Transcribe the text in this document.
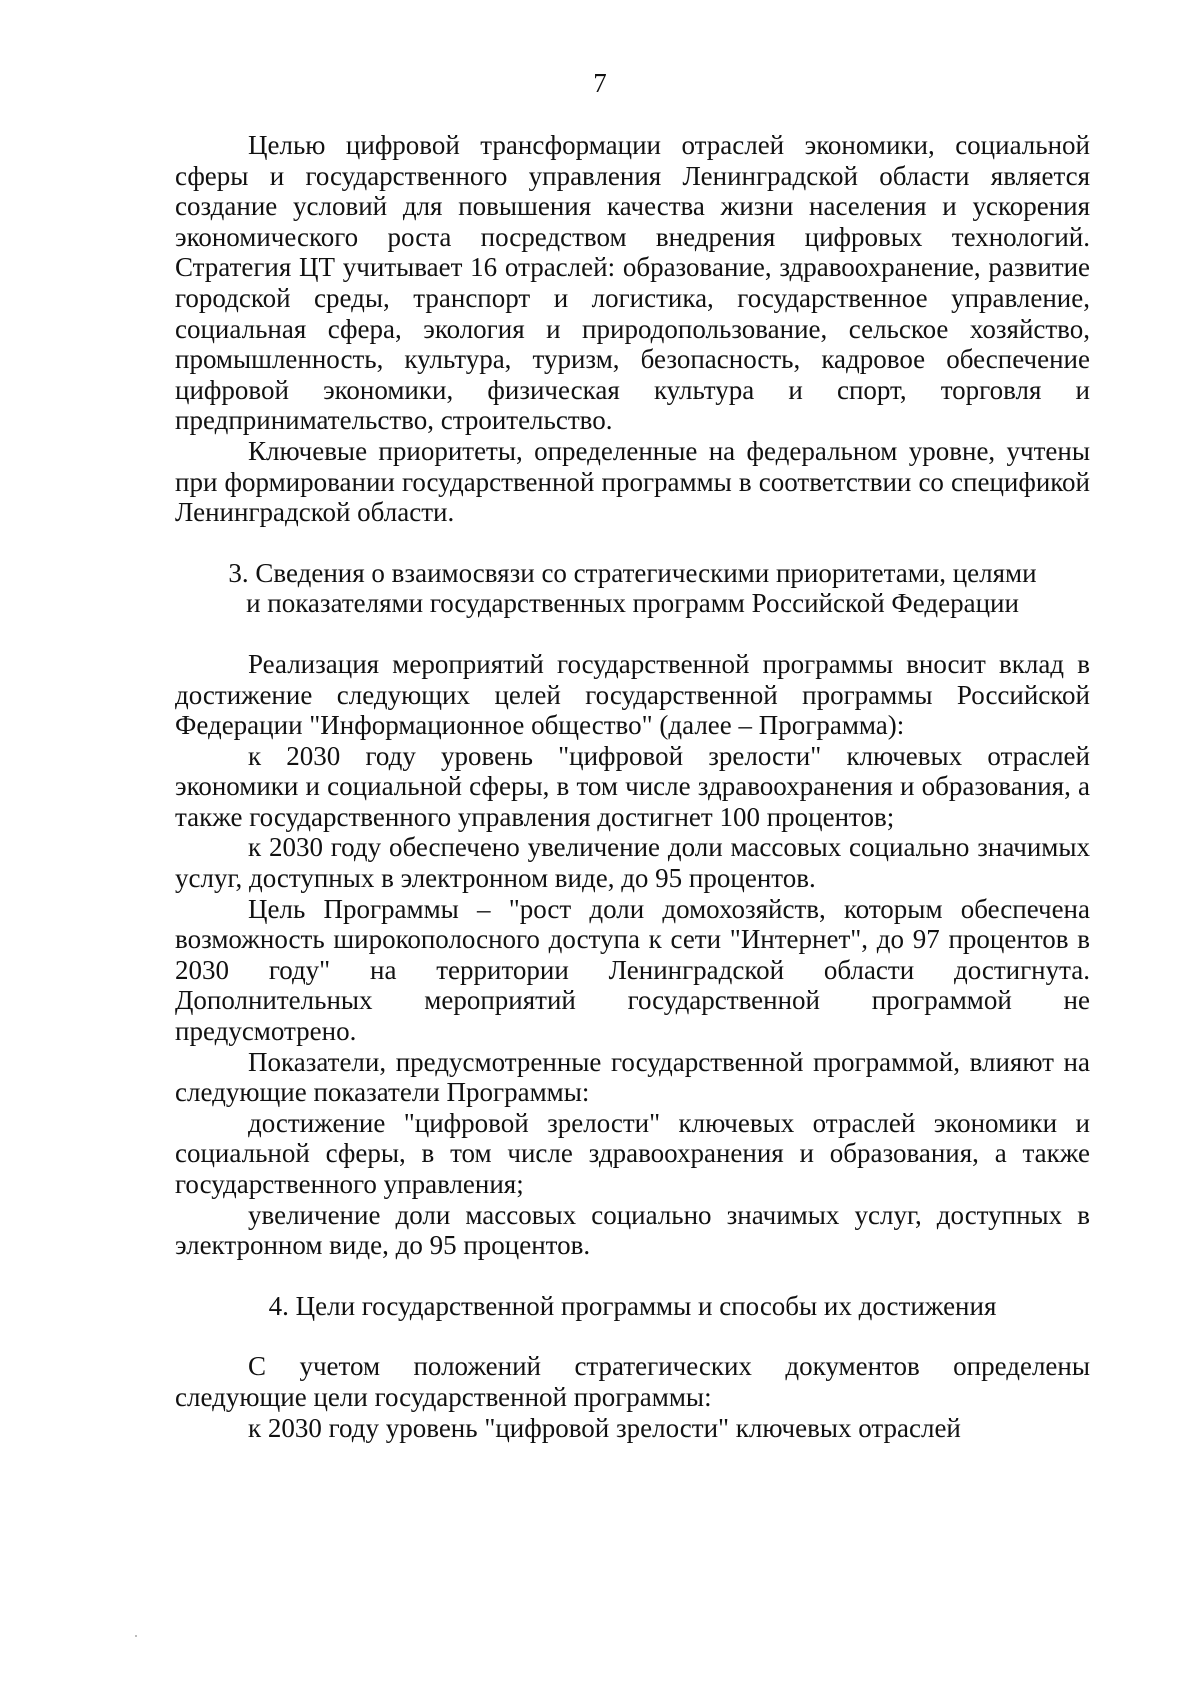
7

Целью цифровой трансформации отраслей экономики, социальной сферы и государственного управления Ленинградской области является создание условий для повышения качества жизни населения и ускорения экономического роста посредством внедрения цифровых технологий. Стратегия ЦТ учитывает 16 отраслей: образование, здравоохранение, развитие городской среды, транспорт и логистика, государственное управление, социальная сфера, экология и природопользование, сельское хозяйство, промышленность, культура, туризм, безопасность, кадровое обеспечение цифровой экономики, физическая культура и спорт, торговля и предпринимательство, строительство.

Ключевые приоритеты, определенные на федеральном уровне, учтены при формировании государственной программы в соответствии со спецификой Ленинградской области.

3. Сведения о взаимосвязи со стратегическими приоритетами, целями
и показателями государственных программ Российской Федерации

Реализация мероприятий государственной программы вносит вклад в достижение следующих целей государственной программы Российской Федерации "Информационное общество" (далее – Программа):

к 2030 году уровень "цифровой зрелости" ключевых отраслей экономики и социальной сферы, в том числе здравоохранения и образования, а также государственного управления достигнет 100 процентов;

к 2030 году обеспечено увеличение доли массовых социально значимых услуг, доступных в электронном виде, до 95 процентов.

Цель Программы – "рост доли домохозяйств, которым обеспечена возможность широкополосного доступа к сети "Интернет", до 97 процентов в 2030 году" на территории Ленинградской области достигнута. Дополнительных мероприятий государственной программой не предусмотрено.

Показатели, предусмотренные государственной программой, влияют на следующие показатели Программы:

достижение "цифровой зрелости" ключевых отраслей экономики и социальной сферы, в том числе здравоохранения и образования, а также государственного управления;

увеличение доли массовых социально значимых услуг, доступных в электронном виде, до 95 процентов.

4. Цели государственной программы и способы их достижения

С учетом положений стратегических документов определены следующие цели государственной программы:

к 2030 году уровень "цифровой зрелости" ключевых отраслей
